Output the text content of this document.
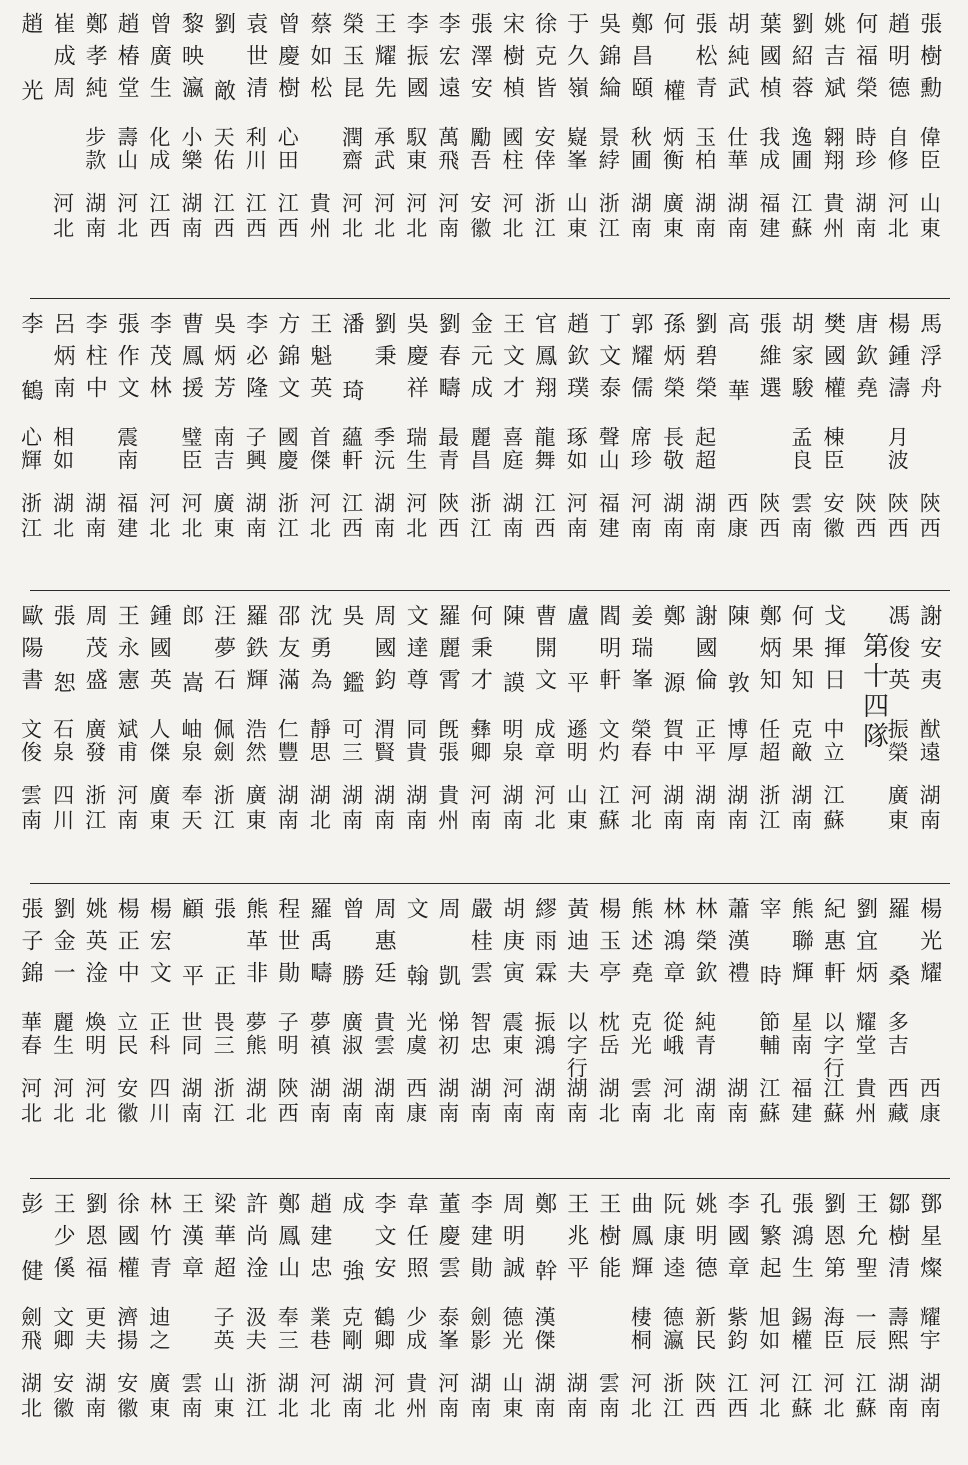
趙 光 崔成周
河北
鄭孝純
步款
湖南
趙椿堂
壽山
河北
曾廣生
化成
江西
黎映瀛
小樂
湖南
劉 敵
天佑
江西
袁世清
利川
江西
曾慶樹
心田
江西
蔡如松
貴州
榮玉昆
潤齋
河北
王耀先
承武
河北
李振國
馭東
河北
李宏遠
萬飛
河南
張澤安
勵吾
安徽
宋樹楨
國柱
河北
徐克皆
安倖
浙江
于久嶺
嶷峯
山東
吳錦綸
景綍
浙江
鄭昌頤
秋圃
湖南
何 權
炳衡
廣東
張松青
玉柏
湖南
胡純武
仕華
湖南
葉國楨
我成
福建
劉紹蓉
逸圃
江蘇
姚吉斌
翱翔
貴州
何福榮
時珍
湖南
趙明德
自修
河北
張樹勳
偉臣
山東
李 鶴
心輝
浙江
呂炳南
相如
湖北
李柱中
湖南
張作文
震南
福建
李茂林
河北
曹鳳援
璧臣
河北
吳炳芳
南吉
廣東
李必隆
子興
湖南
方錦文
國慶
浙江
王魁英
首傑
河北
潘 琦
蘊軒
江西
劉秉
季沅
湖南
吳慶祥
瑞生
河北
劉春疇
最青
陝西
金元成
麗昌
浙江
王文才
喜庭
湖南
官鳳翔
龍舞
江西
趙欽璞
琢如
河南
丁文泰
聲山
福建
郭耀儒
席珍
河南
孫炳榮
長敬
湖南
劉碧榮
起超
湖南
高 華
西康
張維選
陝西
胡家駿
孟良
雲南
樊國權
棟臣
安徽
唐欽堯
陝西
楊鍾濤
月波
陝西
馬浮舟
陝西
歐陽書
文俊
雲南
張 恕
石泉
四川
周茂盛
廣發
浙江
王永憲
斌甫
河南
鍾國英
人傑
廣東
郎 嵩
岫泉
奉天
汪夢石
佩劍
浙江
羅鉄輝
浩然
廣東
邵友滿
仁豐
湖南
沈勇為
靜思
湖北
吳 鑑
可三
湖南
周國鈞
渭賢
湖南
文達尊
同貴
湖南
羅麗霄
旣張
貴州
何秉才
彝卿
河南
陳 謨
明泉
湖南
曹開文
成章
河北
盧 平
遜明
山東
閻明軒
文灼
江蘇
姜瑞峯
榮春
河北
鄭 源
賀中
湖南
謝國倫
正平
湖南
陳 敦
博厚
湖南
鄭炳知
任超
浙江
何果知
克敵
湖南
戈揮日
中立
江蘇
馮俊英
振榮
廣東
謝安夷
猷遠
湖南
第十四隊
張子錦
華春
河北
劉金一
麗生
河北
姚英淦
煥明
河北
楊正中
立民
安徽
楊宏文
正科
四川
顧 平
世同
湖南
張 正
畏三
浙江
熊革非
夢熊
湖北
程世勛
子明
陝西
羅禹疇
夢禛
湖南
曾 勝
廣淑
湖南
周惠廷
貴雲
湖南
文 翰
光虞
西康
周 凱
悌初
湖南
嚴桂雲
智忠
湖南
胡庚寅
震東
河南
繆雨霖
振鴻
湖南
黃迪夫
以字行
湖南
楊玉亭
枕岳
湖北
熊述堯
克光
雲南
林鴻章
從峨
河北
林榮欽
純青
湖南
蕭漢禮
湖南
宰 時
節輔
江蘇
熊聯輝
星南
福建
紀惠軒
以字行
江蘇
劉宜炳
耀堂
貴州
羅 桑
多吉
西藏
楊光耀
西康
彭 健
劍飛
湖北
王少傒
文卿
安徽
劉恩福
更夫
湖南
徐國權
濟揚
安徽
林竹青
迪之
廣東
王漢章
雲南
梁華超
子英
山東
許尚淦
汲夫
浙江
鄭鳳山
奉三
湖北
趙建忠
業巷
河北
成 強
克剛
湖南
李文安
鶴卿
河北
韋任照
少成
貴州
董慶雲
泰峯
河南
李建勛
劍影
湖南
周明誠
德光
山東
鄭 幹
漢傑
湖南
王兆平
湖南
王樹能
雲南
曲鳳輝
棲桐
河北
阮康逵
德瀛
浙江
姚明德
新民
陝西
李國章
紫鈞
江西
孔繁起
旭如
河北
張鴻生
錫權
江蘇
劉恩第
海臣
河北
王允聖
一辰
江蘇
鄒樹清
壽熙
湖南
鄧星燦
耀宇
湖南
